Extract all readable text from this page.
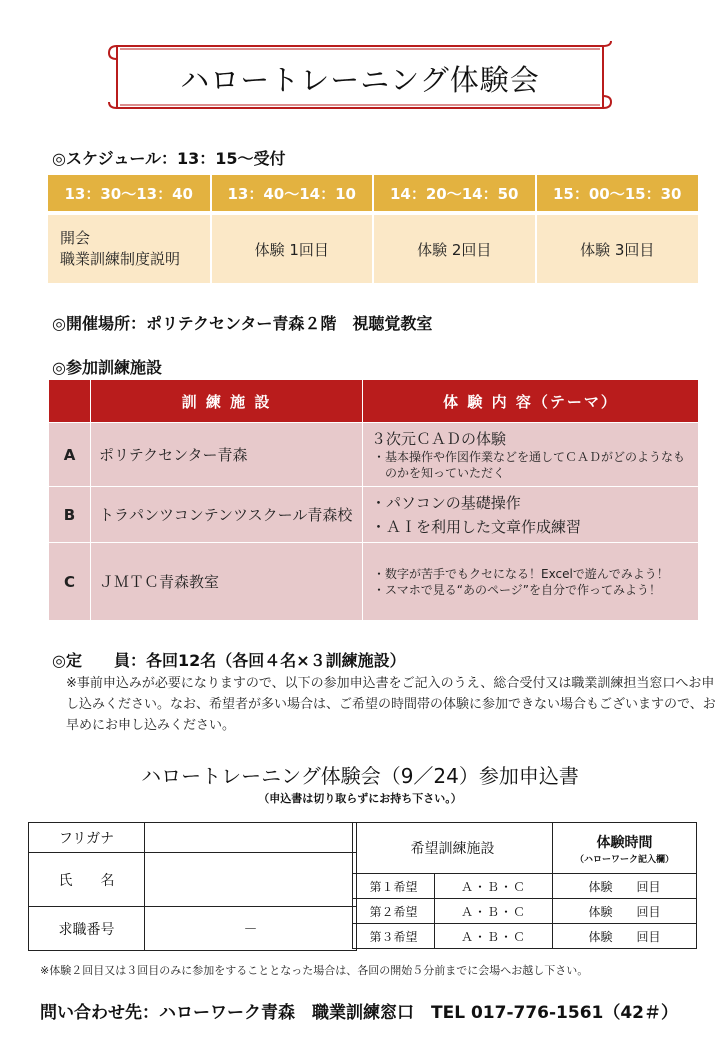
ハロートレーニング体験会
◎スケジュール：13：15～受付
13：30～13：40	13：40～14：10	14：20～14：50	15：00～15：30

開会
職業訓練制度説明	体験 1回目	体験 2回目	体験 3回目
◎開催場所：ポリテクセンター青森２階　視聴覚教室
◎参加訓練施設
	訓 練 施 設	体 験 内 容（テーマ）
A	ポリテクセンター青森	３次元ＣＡＤの体験
・基本操作や作図作業などを通してＣＡＤがどのようなものかを知っていただく

B	トラパンツコンテンツスクール青森校	・パソコンの基礎操作
・ＡＩを利用した文章作成練習

C	ＪＭＴＣ青森教室	・数字が苦手でもクセになる！Excelで遊んでみよう！
・スマホで見る“あのページ”を自分で作ってみよう！
◎定　　員：各回12名（各回４名×３訓練施設）
※事前申込みが必要になりますので、以下の参加申込書をご記入のうえ、総合受付又は職業訓練担当窓口へお申し込みください。なお、希望者が多い場合は、ご希望の時間帯の体験に参加できない場合もございますので、お早めにお申し込みください。
ハロートレーニング体験会（9／24）参加申込書
（申込書は切り取らずにお持ち下さい。）
フリガナ	
氏　　名	
求職番号	－
希望訓練施設		体験時間
（ハローワーク記入欄）

第１希望	Ａ・Ｂ・Ｃ	体験　　回目
第２希望	Ａ・Ｂ・Ｃ	体験　　回目
第３希望	Ａ・Ｂ・Ｃ	体験　　回目
※体験２回目又は３回目のみに参加をすることとなった場合は、各回の開始５分前までに会場へお越し下さい。
問い合わせ先：ハローワーク青森　職業訓練窓口　TEL 017-776-1561（42＃）
